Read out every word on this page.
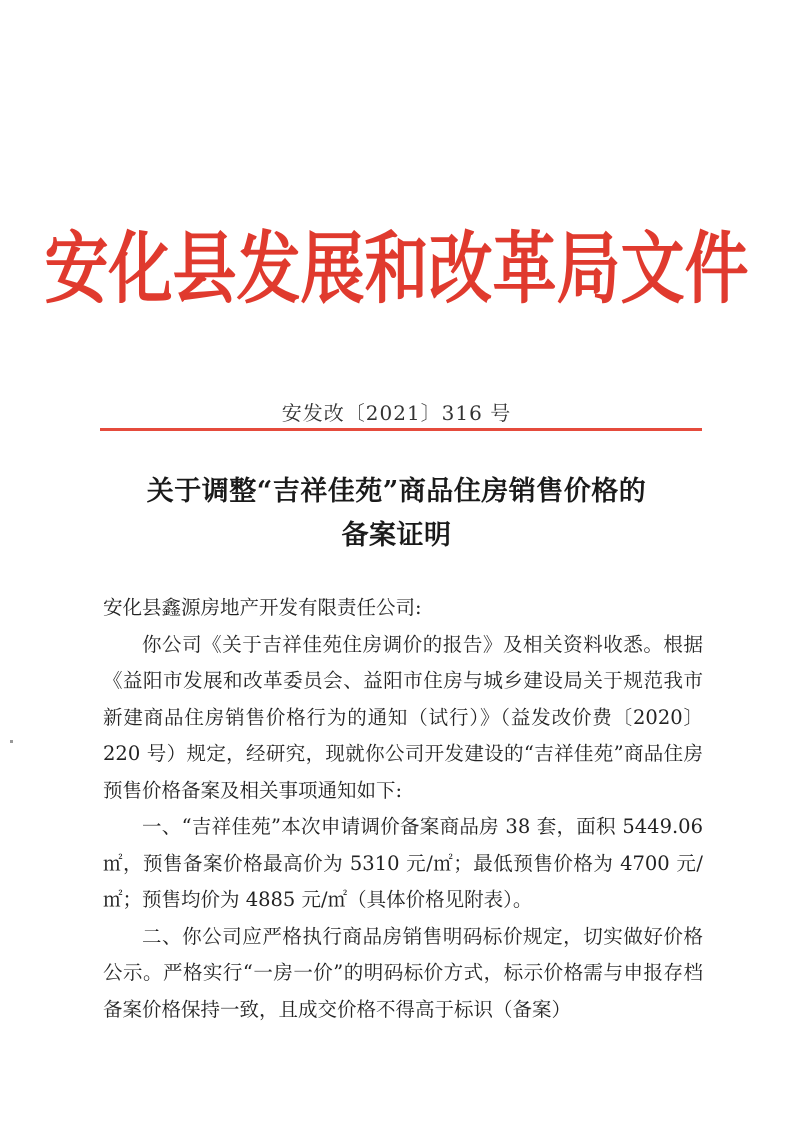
安化县发展和改革局文件
安发改〔2021〕316 号
关于调整“吉祥佳苑”商品住房销售价格的
备案证明

安化县鑫源房地产开发有限责任公司:

你公司《关于吉祥佳苑住房调价的报告》及相关资料收悉。根据《益阳市发展和改革委员会、益阳市住房与城乡建设局关于规范我市新建商品住房销售价格行为的通知（试行）》（益发改价费〔2020〕220 号）规定，经研究，现就你公司开发建设的“吉祥佳苑”商品住房预售价格备案及相关事项通知如下:

一、“吉祥佳苑”本次申请调价备案商品房 38 套，面积 5449.06 ㎡，预售备案价格最高价为 5310 元/㎡；最低预售价格为 4700 元/㎡；预售均价为 4885 元/㎡（具体价格见附表）。

二、你公司应严格执行商品房销售明码标价规定，切实做好价格公示。严格实行“一房一价”的明码标价方式，标示价格需与申报存档备案价格保持一致，且成交价格不得高于标识（备案）
